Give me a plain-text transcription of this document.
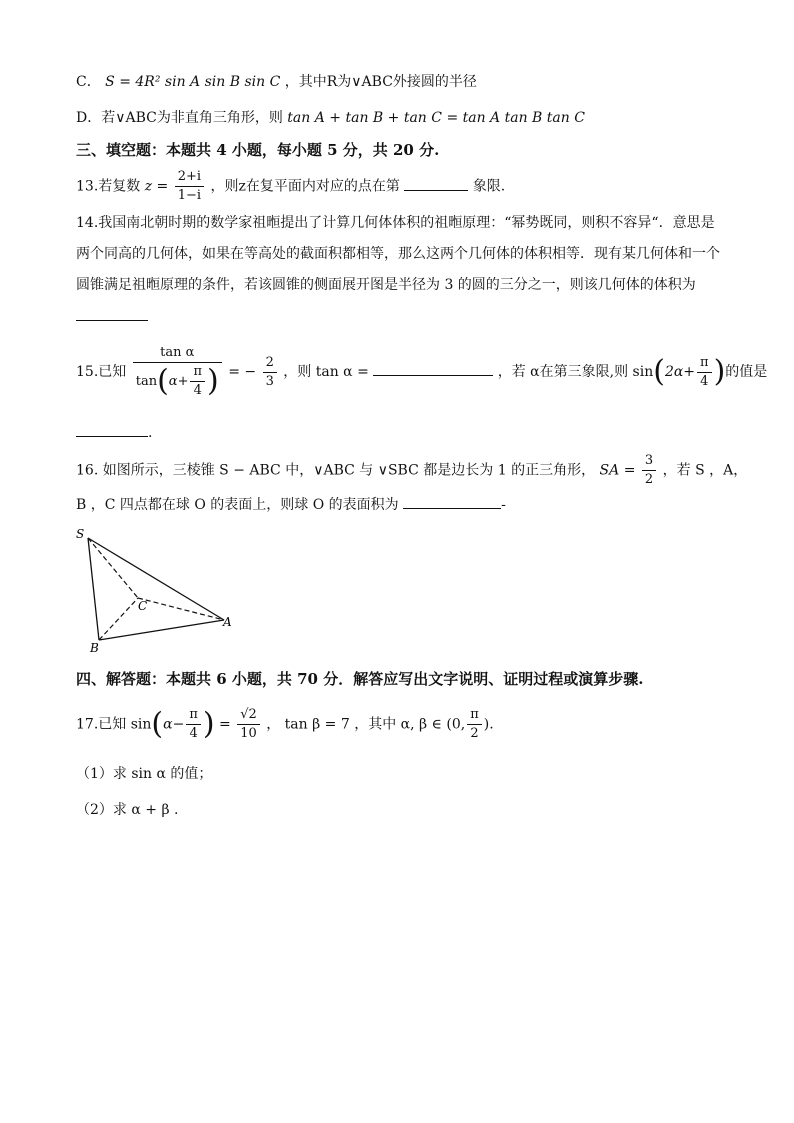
C． S = 4R² sin A sin B sin C ，其中R为∨ABC外接圆的半径
D．若∨ABC为非直角三角形，则 tan A + tan B + tan C = tan A tan B tan C
三、填空题：本题共 4 小题，每小题 5 分，共 20 分.
13.若复数 $z = \frac{2+i}{1-i}$ ，则z在复平面内对应的点在第	象限.
14.我国南北朝时期的数学家祖暅提出了计算几何体体积的祖暅原理：“幂势既同，则积不容异“．意思是
两个同高的几何体，如果在等高处的截面积都相等，那么这两个几何体的体积相等．现有某几何体和一个
圆锥满足祖暅原理的条件，若该圆锥的侧面展开图是半径为 3 的圆的三分之一，则该几何体的体积为
15.已知 $\frac{\text{tan α}}{\tan(\alpha+ \frac{\pi}{4} )}$ = − $\frac{2}{3}$ ，则 tan α =	，若 α在第三象限,则 $\sin(2\alpha+ \frac{\pi}{4}$ )的值是
.
16. 如图所示，三棱锥 S − ABC 中，∨ABC 与 ∨SBC 都是边长为 1 的正三角形， SA = $\frac{3}{2}$ ，若 S ，A，
B ，C 四点都在球 O 的表面上，则球 O 的表面积为	-
S
C
A
B
四、解答题：本题共 6 小题，共 70 分．解答应写出文字说明、证明过程或演算步骤.
17.已知 $\sin(\alpha- \frac{\pi}{4}$ ) = $\frac{√2}{10}$ ， tan β = 7 ，其中 α, β ∈ (0, $\frac{\pi}{2}$ ).
（1）求 sin α 的值；
（2）求 α + β .
